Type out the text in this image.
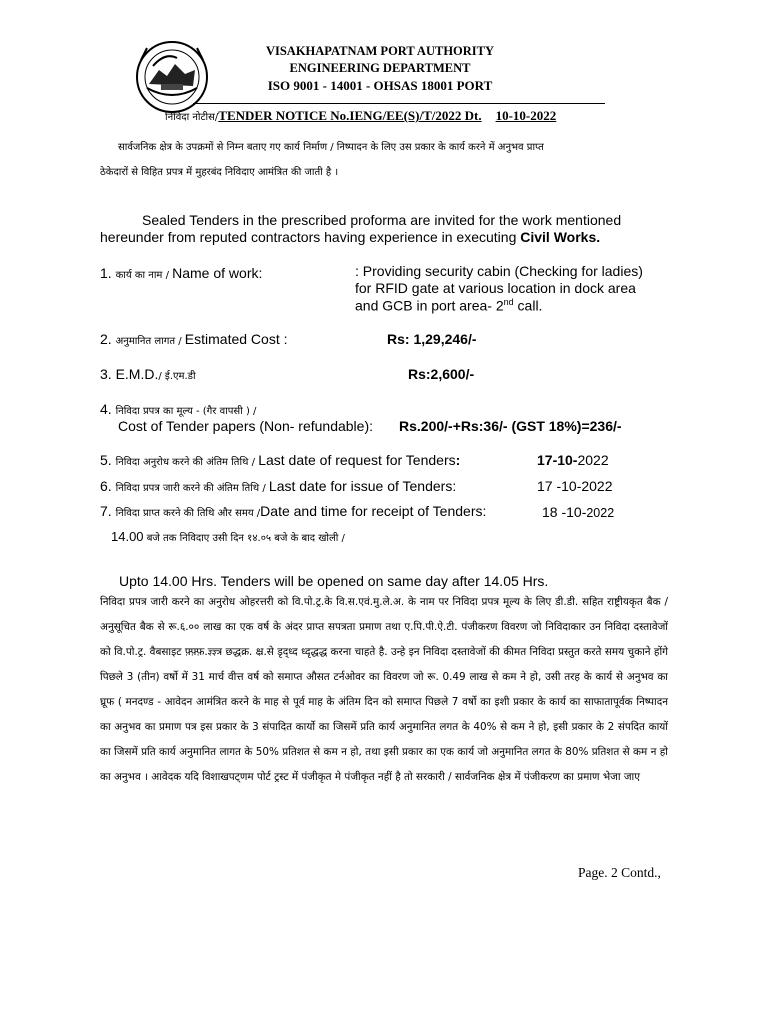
VISAKHAPATNAM PORT AUTHORITY
ENGINEERING DEPARTMENT
ISO 9001 - 14001 - OHSAS 18001 PORT
निविदा नोटीस/TENDER NOTICE No.IENG/EE(S)/T/2022 Dt. 10-10-2022
सार्वजनिक क्षेत्र के उपक्रमों से निम्न बताए गए कार्य निर्माण / निष्पादन के लिए उस प्रकार के कार्य करने में अनुभव प्राप्त
ठेकेदारों से विहित प्रपत्र में मुहरबंद निविदाए आमंत्रित की जाती है ।
Sealed Tenders in the prescribed proforma are invited for the work mentioned
hereunder from reputed contractors having experience in executing Civil Works.
1. कार्य का नाम / Name of work:	: Providing security cabin (Checking for ladies)
for RFID gate at various location in dock area
and GCB in port area- 2nd call.
2. अनुमानित लागत / Estimated Cost :	Rs: 1,29,246/-
3. E.M.D./ ई.एम.डी	Rs:2,600/-
4. निविदा प्रपत्र का मूल्य - (गैर वापसी ) /
Cost of Tender papers (Non- refundable): Rs.200/-+Rs:36/- (GST 18%)=236/-
5. निविदा अनुरोध करने की अंतिम तिथि / Last date of request for Tenders:	17-10-2022
6. निविदा प्रपत्र जारी करने की अंतिम तिथि / Last date for issue of Tenders:	17 -10-2022
7. निविदा प्राप्त करने की तिथि और समय /Date and time for receipt of Tenders:	18 -10-2022
14.00 बजे तक निविदाए उसी दिन १४.०५ बजे के बाद खोली /
Upto 14.00 Hrs. Tenders will be opened on same day after 14.05 Hrs.
निविदा प्रपत्र जारी करने का अनुरोध ओहरत्तरी को वि.पो.ट्र.के वि.स.एवं.मु.ले.अ. के नाम पर निविदा प्रपत्र मूल्य के लिए डी.डी. सहित राष्ट्रीयकृत बैक / अनुसूचित बैक से रू.६.०० लाख का एक वर्ष के अंदर प्राप्त सपत्रता प्रमाण तथा ए.पि.पी.ऐ.टी. पंजीकरण विवरण जो निविदाकार उन निविदा दस्तावेजों को वि.पो.ट्र. वैबसाइट फ़्फ़्फ़.ज्ञ्ज्ञ्त्र छद्धक्र. क्ष्र.से डृद्ध्द ध्दृद्धद्ध करना चाहते है. उन्हे इन निविदा दस्तावेजों की कीमत निविदा प्रस्तुत करते समय चुकाने होंगे पिछले 3 (तीन) वर्षो में 31 मार्च वीत्त वर्ष को समाप्त औसत टर्नओवर का विवरण जो रू. 0.49 लाख से कम ने हो, उसी तरह के कार्य से अनुभव का घ्रूफ ( मनदण्ड - आवेदन आमंत्रित करने के माह से पूर्व माह के अंतिम दिन को समाप्त पिछले 7 वर्षो का इशी प्रकार के कार्य का साफातापूर्वक निष्पादन का अनुभव का प्रमाण पत्र इस प्रकार के 3 संपादित कार्यो का जिसमें प्रति कार्य अनुमानित लगत के 40% से कम ने हो, इसी प्रकार के 2 संपदित कायों का जिसमें प्रति कार्य अनुमानित लागत के 50% प्रतिशत से कम न हो, तथा इसी प्रकार का एक कार्य जो अनुमानित लगत के 80% प्रतिशत से कम न हो का अनुभव । आवेदक यदि विशाखपट्णम पोर्ट ट्रस्ट में पंजीकृत मे पंजीकृत नहीं है तो सरकारी / सार्वजनिक क्षेत्र में पंजीकरण का प्रमाण भेजा जाए
Page. 2 Contd.,
